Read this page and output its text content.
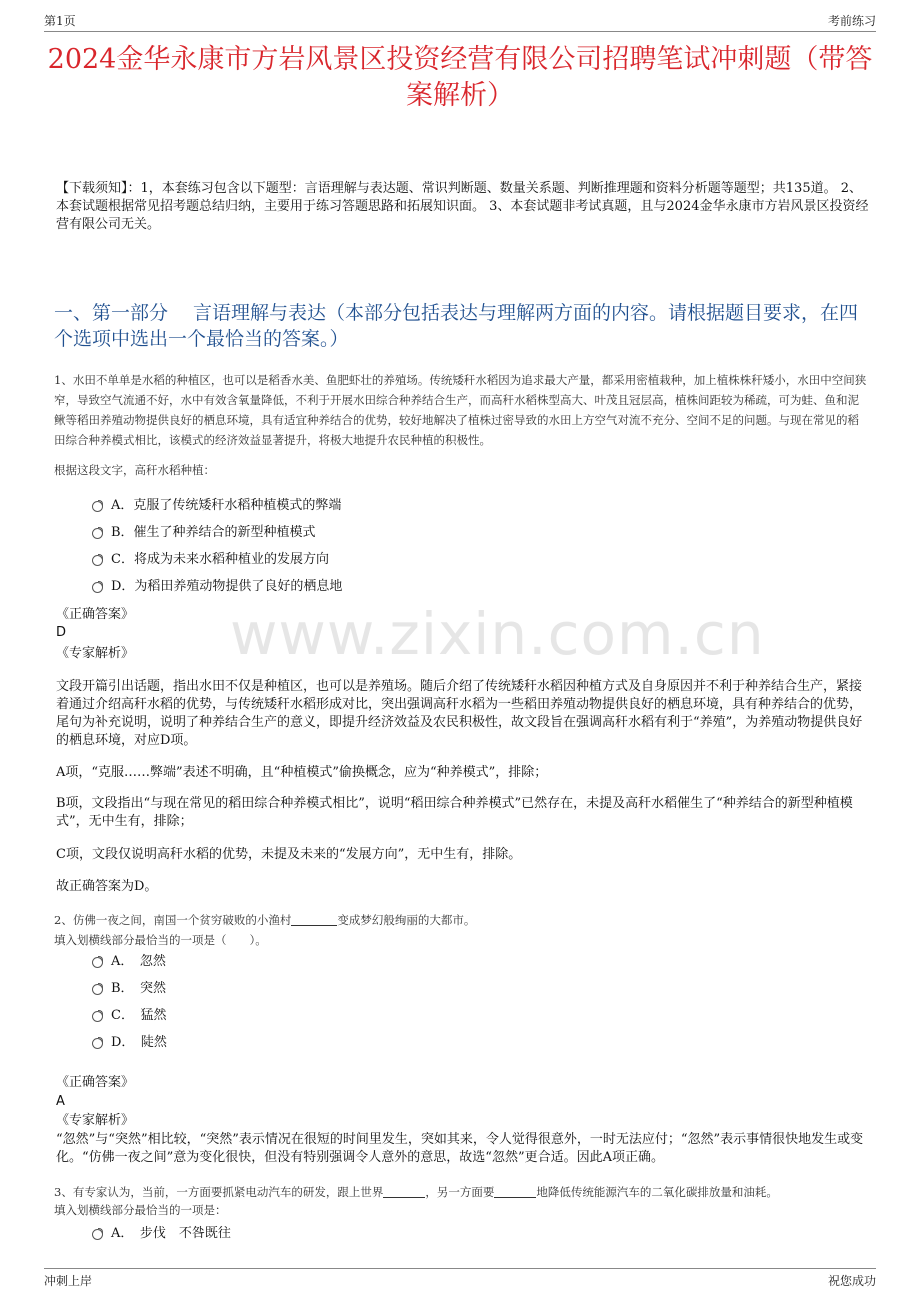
第1页	考前练习
www.zixin.com.cn
2024金华永康市方岩风景区投资经营有限公司招聘笔试冲刺题（带答案解析）
【下载须知】：1，本套练习包含以下题型：言语理解与表达题、常识判断题、数量关系题、判断推理题和资料分析题等题型；共135道。 2、本套试题根据常见招考题总结归纳，主要用于练习答题思路和拓展知识面。 3、本套试题非考试真题，且与2024金华永康市方岩风景区投资经营有限公司无关。
一、第一部分　 言语理解与表达（本部分包括表达与理解两方面的内容。请根据题目要求，在四个选项中选出一个最恰当的答案。）
1、水田不单单是水稻的种植区，也可以是稻香水美、鱼肥虾壮的养殖场。传统矮秆水稻因为追求最大产量，都采用密植栽种，加上植株株秆矮小，水田中空间狭窄，导致空气流通不好，水中有效含氧量降低，不利于开展水田综合种养结合生产，而高秆水稻株型高大、叶茂且冠层高，植株间距较为稀疏，可为蛙、鱼和泥鳅等稻田养殖动物提供良好的栖息环境，具有适宜种养结合的优势，较好地解决了植株过密导致的水田上方空气对流不充分、空间不足的问题。与现在常见的稻田综合种养模式相比，该模式的经济效益显著提升，将极大地提升农民种植的积极性。
根据这段文字，高秆水稻种植：
A．克服了传统矮秆水稻种植模式的弊端
B．催生了种养结合的新型种植模式
C．将成为未来水稻种植业的发展方向
D．为稻田养殖动物提供了良好的栖息地
《正确答案》
D
《专家解析》
文段开篇引出话题，指出水田不仅是种植区，也可以是养殖场。随后介绍了传统矮秆水稻因种植方式及自身原因并不利于种养结合生产，紧接着通过介绍高秆水稻的优势，与传统矮秆水稻形成对比，突出强调高秆水稻为一些稻田养殖动物提供良好的栖息环境，具有种养结合的优势，尾句为补充说明，说明了种养结合生产的意义，即提升经济效益及农民积极性，故文段旨在强调高秆水稻有利于“养殖”，为养殖动物提供良好的栖息环境，对应D项。
A项，“克服……弊端”表述不明确，且“种植模式”偷换概念，应为“种养模式”，排除；
B项，文段指出“与现在常见的稻田综合种养模式相比”，说明“稻田综合种养模式”已然存在，未提及高秆水稻催生了“种养结合的新型种植模式”，无中生有，排除；
C项，文段仅说明高秆水稻的优势，未提及未来的“发展方向”，无中生有，排除。
故正确答案为D。
2、仿佛一夜之间，南国一个贫穷破败的小渔村	变成梦幻般绚丽的大都市。
填入划横线部分最恰当的一项是（　　）。
A．　忽然
B．　突然
C．　猛然
D．　陡然
《正确答案》
A
《专家解析》
“忽然”与“突然”相比较，“突然”表示情况在很短的时间里发生，突如其来，令人觉得很意外，一时无法应付；“忽然”表示事情很快地发生或变化。“仿佛一夜之间”意为变化很快，但没有特别强调令人意外的意思，故选“忽然”更合适。因此A项正确。
3、有专家认为，当前，一方面要抓紧电动汽车的研发，跟上世界	，另一方面要	地降低传统能源汽车的二氧化碳排放量和油耗。
填入划横线部分最恰当的一项是：
A．　步伐　不咎既往
冲刺上岸	祝您成功
